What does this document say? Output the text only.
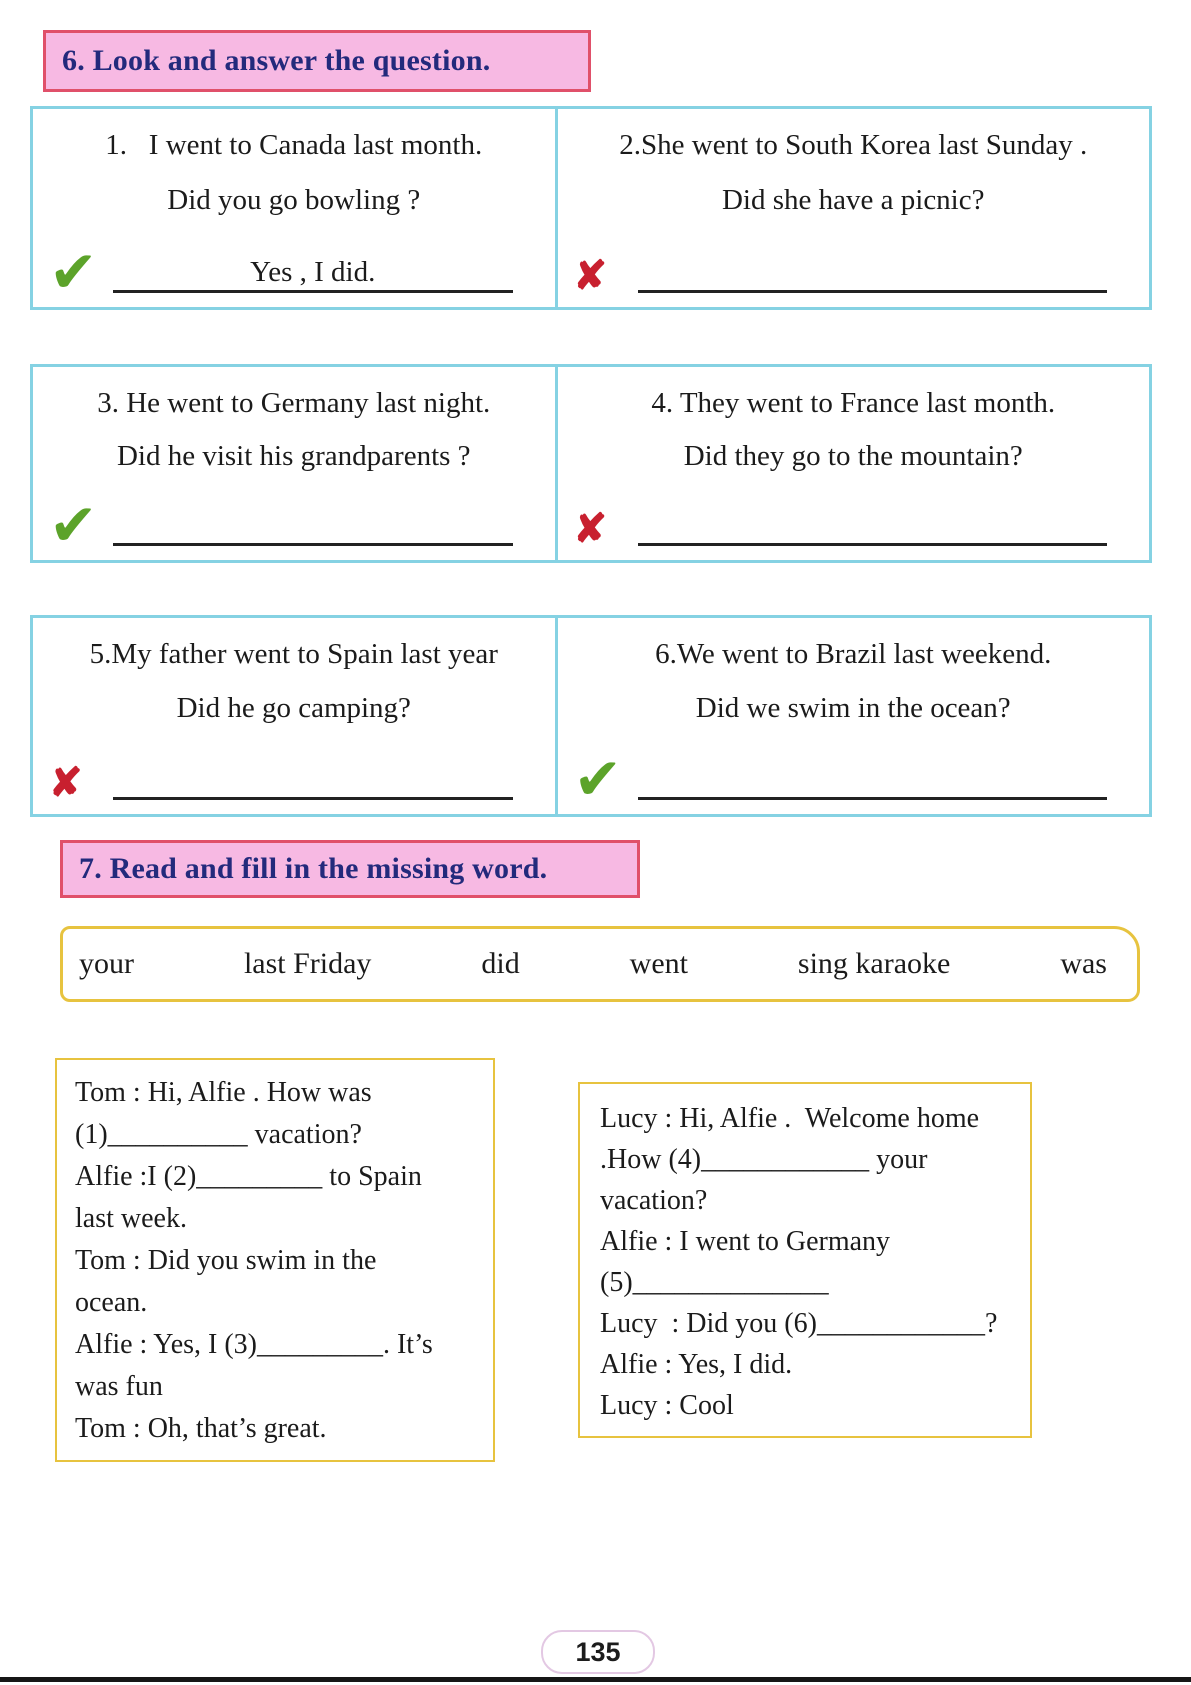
6. Look and answer the question.
1.   I went to Canada last month.
Did you go bowling ?
✔	Yes , I did.
2.She went to South Korea last Sunday .
Did she have a picnic?
✘
3. He went to Germany last night.
Did he visit his grandparents ?
✔
4. They went to France last month.
Did they go to the mountain?
✘
5.My father went to Spain last year
Did he go camping?
✘
6.We went to Brazil last weekend.
Did we swim in the ocean?
✔
7. Read and fill in the missing word.
your	last Friday	did	went	sing karaoke	was
Tom : Hi, Alfie . How was
(1)__________ vacation?
Alfie :I (2)_________ to Spain
last week.
Tom : Did you swim in the
ocean.
Alfie : Yes, I (3)_________. It’s
was fun
Tom : Oh, that’s great.
Lucy : Hi, Alfie .  Welcome home
.How (4)____________ your
vacation?
Alfie : I went to Germany
(5)______________
Lucy  : Did you (6)____________?
Alfie : Yes, I did.
Lucy : Cool
135
